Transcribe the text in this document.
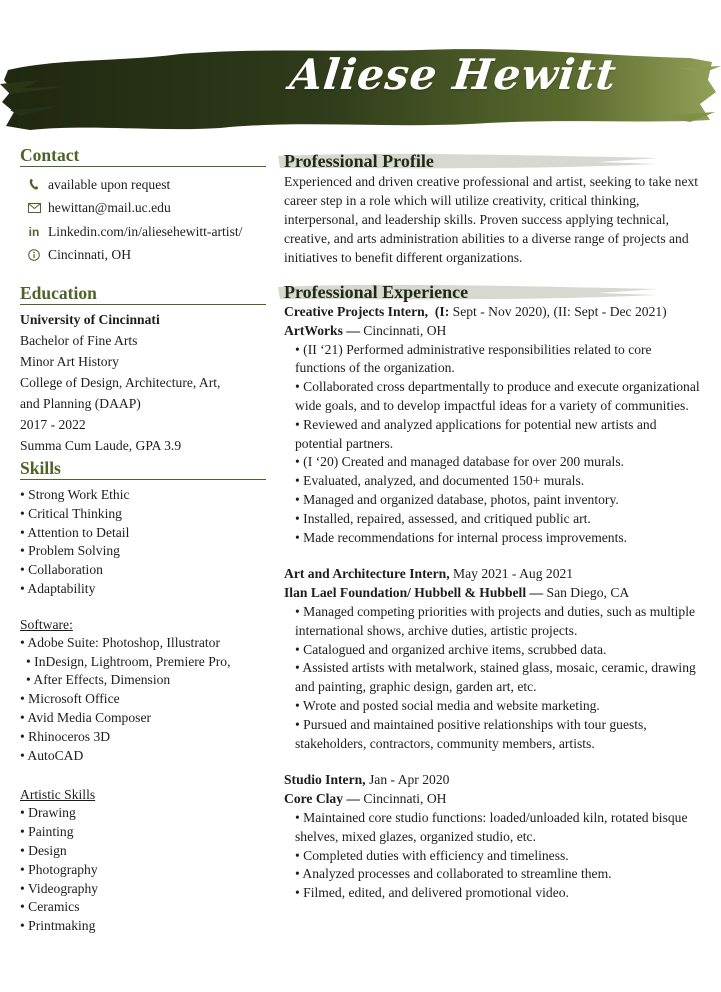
Aliese Hewitt
Contact
available upon request
hewittan@mail.uc.edu
in Linkedin.com/in/aliesehewitt-artist/
Cincinnati, OH
Education
University of Cincinnati
Bachelor of Fine Arts
Minor Art History
College of Design, Architecture, Art,
and Planning (DAAP)
2017 - 2022
Summa Cum Laude, GPA 3.9
Skills
• Strong Work Ethic
• Critical Thinking
• Attention to Detail
• Problem Solving
• Collaboration
• Adaptability
Software:
• Adobe Suite: Photoshop, Illustrator
• InDesign, Lightroom, Premiere Pro,
• After Effects, Dimension
• Microsoft Office
• Avid Media Composer
• Rhinoceros 3D
• AutoCAD
Artistic Skills
• Drawing
• Painting
• Design
• Photography
• Videography
• Ceramics
• Printmaking
Professional Profile
Experienced and driven creative professional and artist, seeking to take next career step in a role which will utilize creativity, critical thinking, interpersonal, and leadership skills. Proven success applying technical, creative, and arts administration abilities to a diverse range of projects and initiatives to benefit different organizations.
Professional Experience
Creative Projects Intern, (I: Sept - Nov 2020), (II: Sept - Dec 2021)
ArtWorks — Cincinnati, OH
• (II ‘21) Performed administrative responsibilities related to core functions of the organization.
• Collaborated cross departmentally to produce and execute organizational wide goals, and to develop impactful ideas for a variety of communities.
• Reviewed and analyzed applications for potential new artists and potential partners.
• (I ‘20) Created and managed database for over 200 murals.
• Evaluated, analyzed, and documented 150+ murals.
• Managed and organized database, photos, paint inventory.
• Installed, repaired, assessed, and critiqued public art.
• Made recommendations for internal process improvements.
Art and Architecture Intern, May 2021 - Aug 2021
Ilan Lael Foundation/ Hubbell & Hubbell — San Diego, CA
• Managed competing priorities with projects and duties, such as multiple international shows, archive duties, artistic projects.
• Catalogued and organized archive items, scrubbed data.
• Assisted artists with metalwork, stained glass, mosaic, ceramic, drawing and painting, graphic design, garden art, etc.
• Wrote and posted social media and website marketing.
• Pursued and maintained positive relationships with tour guests, stakeholders, contractors, community members, artists.
Studio Intern, Jan - Apr 2020
Core Clay — Cincinnati, OH
• Maintained core studio functions: loaded/unloaded kiln, rotated bisque shelves, mixed glazes, organized studio, etc.
• Completed duties with efficiency and timeliness.
• Analyzed processes and collaborated to streamline them.
• Filmed, edited, and delivered promotional video.
